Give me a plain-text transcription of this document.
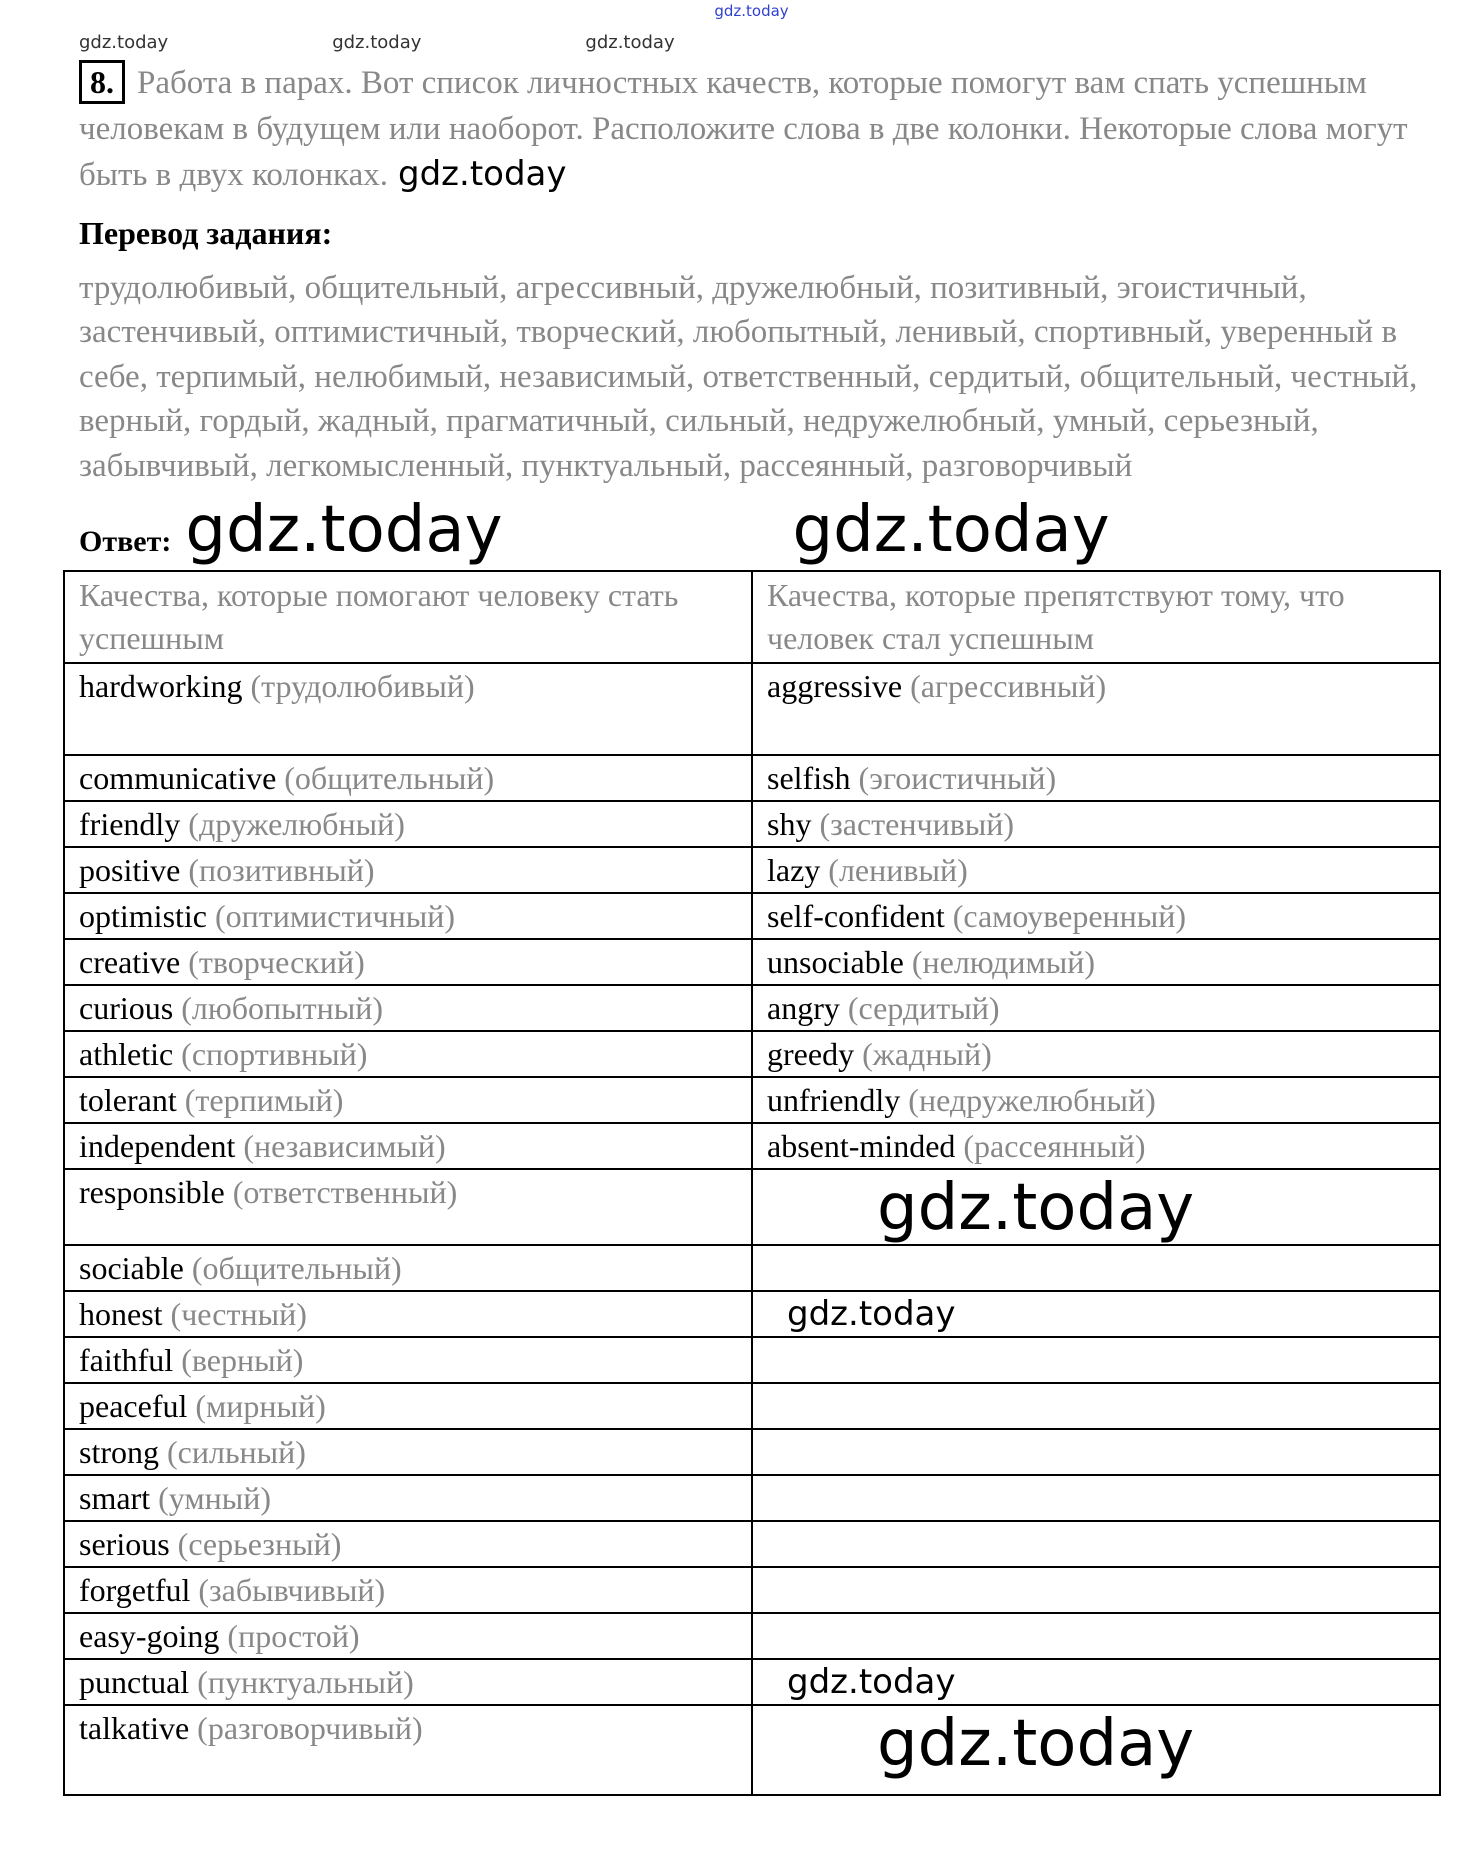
gdz.today
gdz.today	gdz.today	gdz.today
8. Работа в парах. Вот список личностных качеств, которые помогут вам спать успешным человекам в будущем или наоборот. Расположите слова в две колонки. Некоторые слова могут быть в двух колонках. gdz.today
Перевод задания:
трудолюбивый, общительный, агрессивный, дружелюбный, позитивный, эгоистичный, застенчивый, оптимистичный, творческий, любопытный, ленивый, спортивный, уверенный в себе, терпимый, нелюбимый, независимый, ответственный, сердитый, общительный, честный, верный, гордый, жадный, прагматичный, сильный, недружелюбный, умный, серьезный, забывчивый, легкомысленный, пунктуальный, рассеянный, разговорчивый
Ответ: gdz.today	gdz.today
Качества, которые помогают человеку стать успешным	Качества, которые препятствуют тому, что человек стал успешным
hardworking (трудолюбивый)	aggressive (агрессивный)
communicative (общительный)	selfish (эгоистичный)
friendly (дружелюбный)	shy (застенчивый)
positive (позитивный)	lazy (ленивый)
optimistic (оптимистичный)	self-confident (самоуверенный)
creative (творческий)	unsociable (нелюдимый)
curious (любопытный)	angry (сердитый)
athletic (спортивный)	greedy (жадный)
tolerant (терпимый)	unfriendly (недружелюбный)
independent (независимый)	absent-minded (рассеянный)
responsible (ответственный)	gdz.today
sociable (общительный)	
honest (честный)	gdz.today
faithful (верный)	
peaceful (мирный)	
strong (сильный)	
smart (умный)	
serious (серьезный)	
forgetful (забывчивый)	
easy-going (простой)	
punctual (пунктуальный)	gdz.today
talkative (разговорчивый)	gdz.today
